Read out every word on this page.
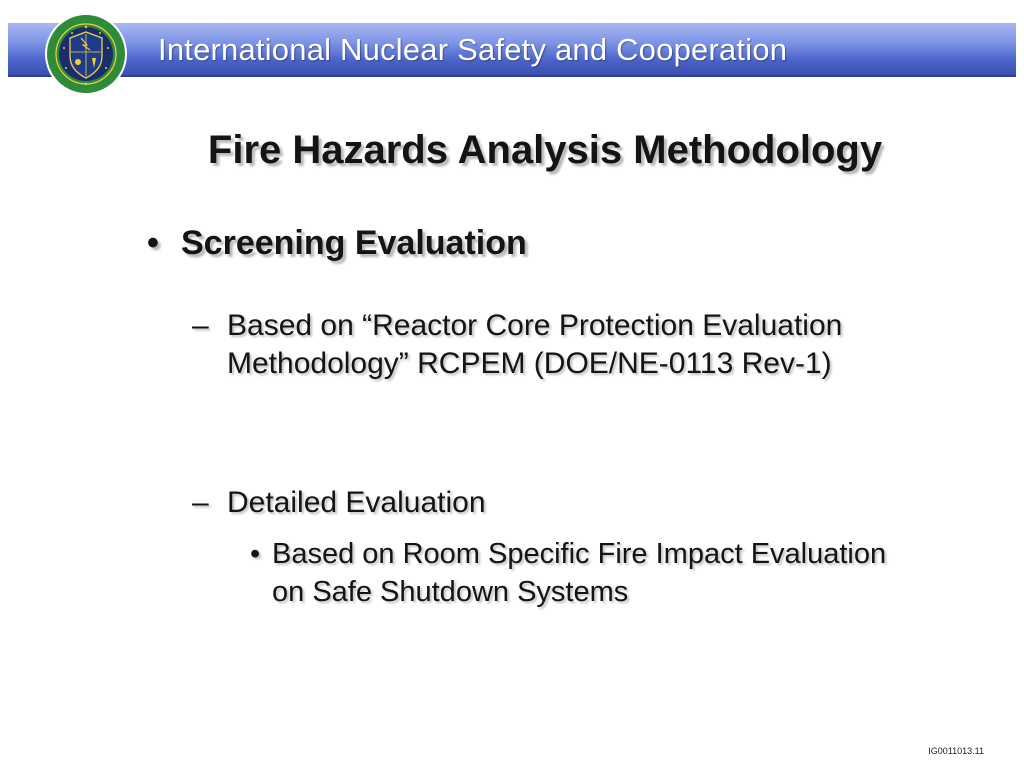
International Nuclear Safety and Cooperation
Fire Hazards Analysis Methodology
• Screening Evaluation
– Based on “Reactor Core Protection Evaluation Methodology” RCPEM (DOE/NE-0113 Rev-1)
– Detailed Evaluation
• Based on Room Specific Fire Impact Evaluation on Safe Shutdown Systems
IG0011013.11
